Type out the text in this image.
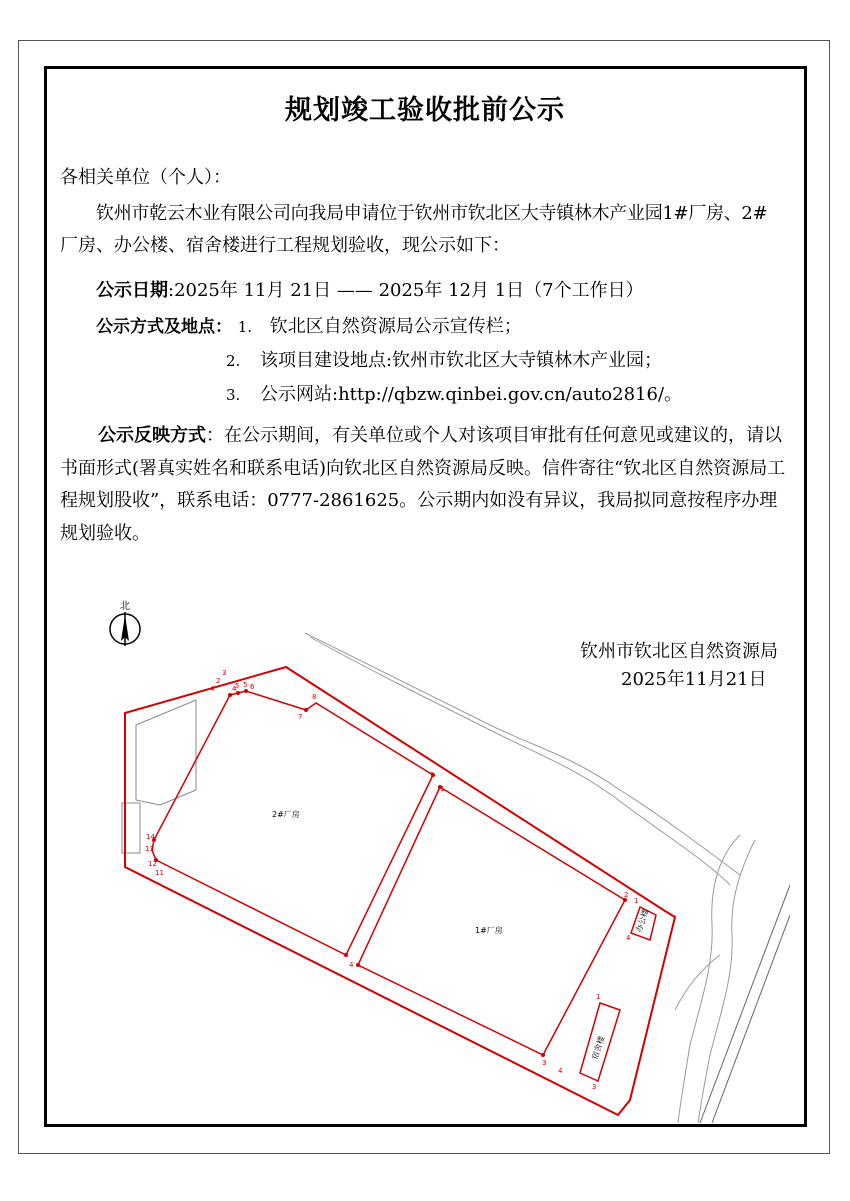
规划竣工验收批前公示
各相关单位（个人）：
钦州市乾云木业有限公司向我局申请位于钦州市钦北区大寺镇林木产业园1#厂房、2#
厂房、办公楼、宿舍楼进行工程规划验收，现公示如下：
公示日期:2025年 11月 21日 —— 2025年 12月 1日（7个工作日）
公示方式及地点： 1. 钦北区自然资源局公示宣传栏；
2. 该项目建设地点:钦州市钦北区大寺镇林木产业园；
3. 公示网站:http://qbzw.qinbei.gov.cn/auto2816/。
公示反映方式：在公示期间，有关单位或个人对该项目审批有任何意见或建议的，请以书面形式(署真实姓名和联系电话)向钦北区自然资源局反映。信件寄往“钦北区自然资源局工程规划股收”，联系电话：0777-2861625。公示期内如没有异议，我局拟同意按程序办理规划验收。
钦州市钦北区自然资源局
2025年11月21日
北
2#厂房
1#厂房	办公楼
宿舍楼
4
2
3
4
5 5 6
7
8
9
13
14
12
11
1
2
3
4
1
4
1
4
3
